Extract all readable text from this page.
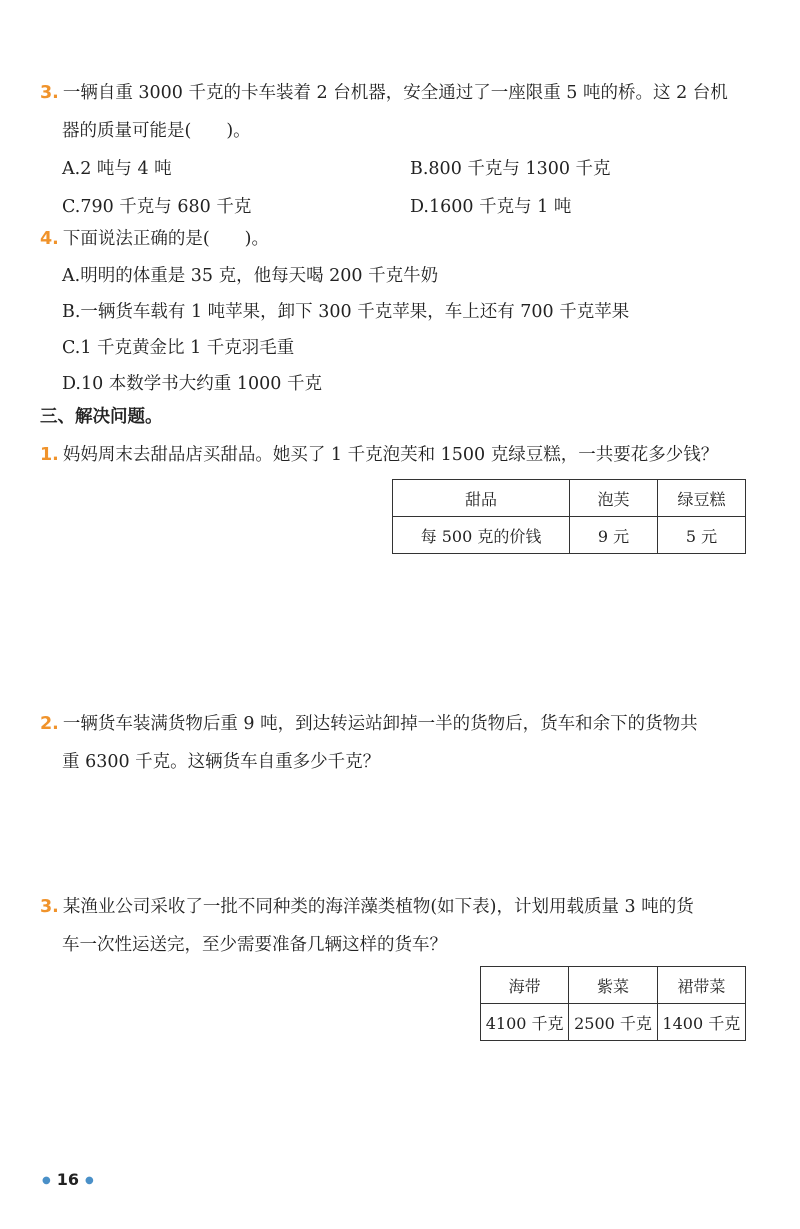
3. 一辆自重 3000 千克的卡车装着 2 台机器，安全通过了一座限重 5 吨的桥。这 2 台机
器的质量可能是(　　)。
A.2 吨与 4 吨	B.800 千克与 1300 千克
C.790 千克与 680 千克	D.1600 千克与 1 吨
4. 下面说法正确的是(　　)。
A.明明的体重是 35 克，他每天喝 200 千克牛奶
B.一辆货车载有 1 吨苹果，卸下 300 千克苹果，车上还有 700 千克苹果
C.1 千克黄金比 1 千克羽毛重
D.10 本数学书大约重 1000 千克
三、解决问题。
1. 妈妈周末去甜品店买甜品。她买了 1 千克泡芙和 1500 克绿豆糕，一共要花多少钱？
甜品	泡芙	绿豆糕
每 500 克的价钱	9 元	5 元
2. 一辆货车装满货物后重 9 吨，到达转运站卸掉一半的货物后，货车和余下的货物共
重 6300 千克。这辆货车自重多少千克？
3. 某渔业公司采收了一批不同种类的海洋藻类植物(如下表)，计划用载质量 3 吨的货
车一次性运送完，至少需要准备几辆这样的货车？
海带	紫菜	裙带菜
4100 千克	2500 千克	1400 千克
● 16 ●
